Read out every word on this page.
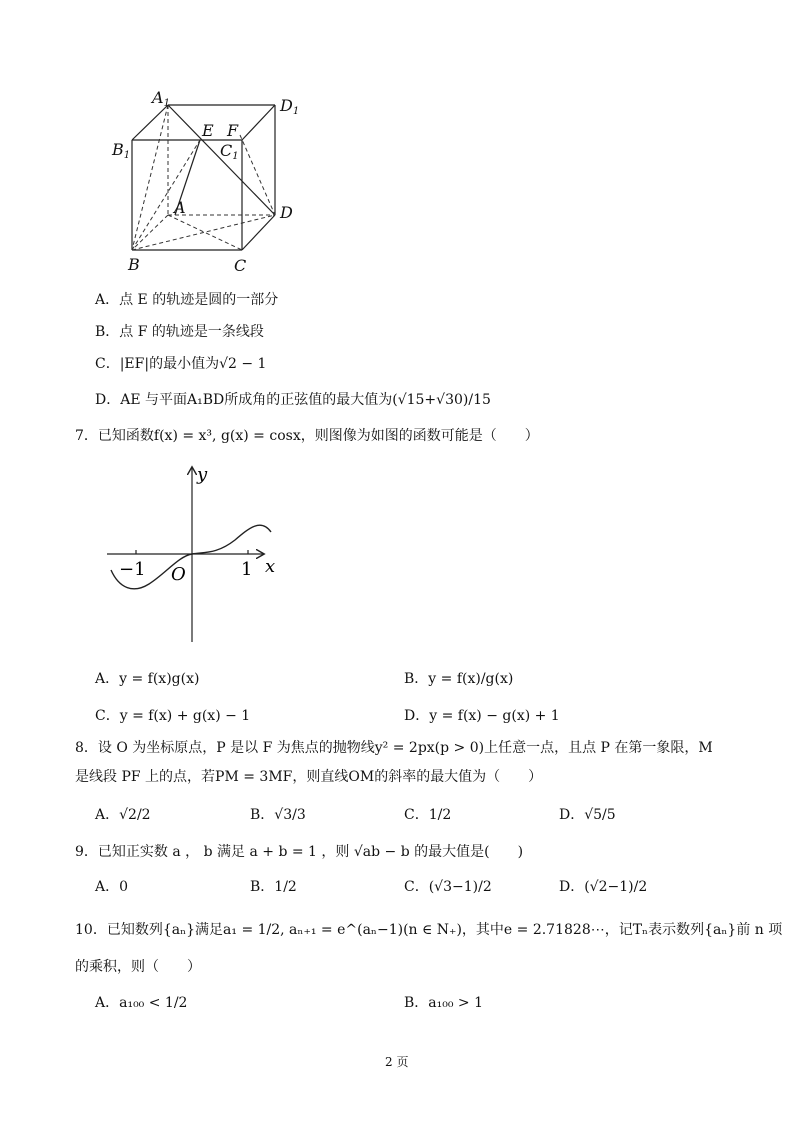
A1	D1
B1	C1
E F
A	D
B	C
A．点 E 的轨迹是圆的一部分
B．点 F 的轨迹是一条线段
C．|EF|的最小值为√2 − 1
D．AE 与平面A₁BD所成角的正弦值的最大值为(√15+√30)/15
7．已知函数f(x) = x³, g(x) = cosx，则图像为如图的函数可能是（　　）
y
x
O
−1	1
A．y = f(x)g(x)	B．y = f(x)/g(x)
C．y = f(x) + g(x) − 1	D．y = f(x) − g(x) + 1
8．设 O 为坐标原点，P 是以 F 为焦点的抛物线y² = 2px(p > 0)上任意一点，且点 P 在第一象限，M
是线段 PF 上的点，若PM = 3MF，则直线OM的斜率的最大值为（　　）
A．√2/2	B．√3/3	C．1/2	D．√5/5
9．已知正实数 a ， b 满足 a + b = 1 ，则 √ab − b 的最大值是(　　)
A．0	B．1/2	C．(√3−1)/2	D．(√2−1)/2
10．已知数列{aₙ}满足a₁ = 1/2, aₙ₊₁ = e^(aₙ−1)(n ∈ N₊)，其中e = 2.71828⋯，记Tₙ表示数列{aₙ}前 n 项
的乘积，则（　　）
A．a₁₀₀ < 1/2	B．a₁₀₀ > 1
2 页
